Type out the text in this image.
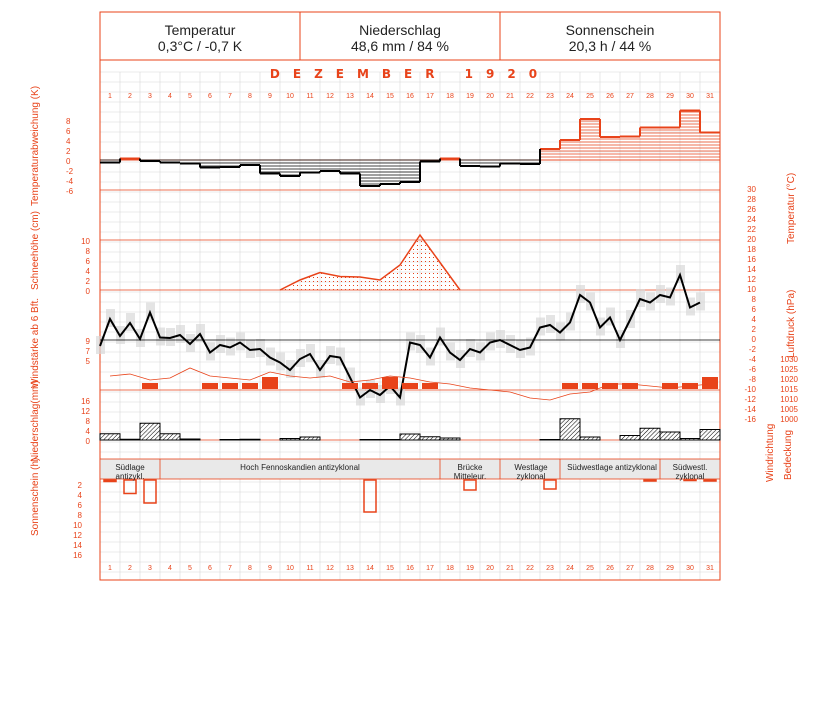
1
1
2
2
3
3
4
4
5
5
6
6
7
7
8
8
9
9
10
10
11
11
12
12
13
13
14
14
15
15
16
16
17
17
18
18
19
19
20
20
21
21
22
22
23
23
24
24
25
25
26
26
27
27
28
28
29
29
30
30
31
31
8
6
4
2
0
-2
-4
-6	30
28
26
24
22
20
18
16
14
12
10
8
6
4
2
0
-2
-4
-6
-8
-10
-12
-14
-16
10
8
6
4
2
0
9
7
5	1030
1025
1020
1015
1010
1005
1000
16
12
8
4
0
2
4
6
8
10
12
14
16
Temperatur
0,3°C / -0,7 K
Niederschlag
48,6 mm / 84 %
Sonnenschein
20,3 h / 44 %
DEZEMBER 1920
Temperaturabweichung (K)
Temperatur (°C)
Schneehöhe (cm)
Windstärke ab 6 Bft.	Luftdruck (hPa)
Niederschlag(mm)
Sonnenschein (h)
Windrichtung Bedeckung
Südlage antizykl.
Hoch Fennoskandien antizyklonal	Brücke Mitteleur.
Westlage zyklonal
Südwestlage antizyklonal	Südwestl. zyklonal
